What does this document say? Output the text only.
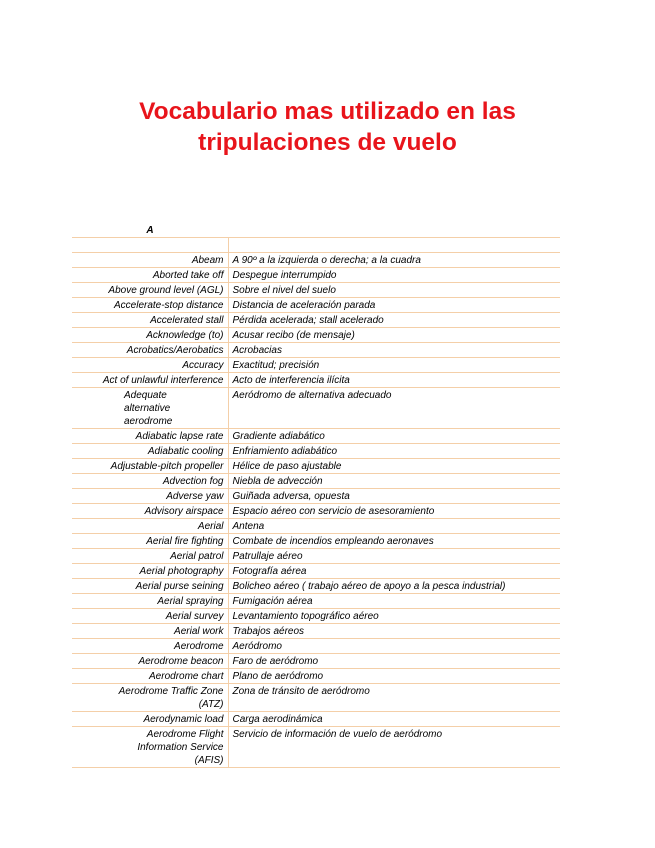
Vocabulario mas utilizado en las
tripulaciones de vuelo
A	

Abeam	A 90º a la izquierda o derecha; a la cuadra
Aborted take off	Despegue interrumpido
Above ground level (AGL)	Sobre el nivel del suelo
Accelerate-stop distance	Distancia de aceleración parada
Accelerated stall	Pérdida acelerada; stall acelerado
Acknowledge (to)	Acusar recibo (de mensaje)
Acrobatics/Aerobatics	Acrobacias
Accuracy	Exactitud; precisión
Act of unlawful interference	Acto de interferencia ilícita

Adequate
alternative
aerodrome	Aeródromo de alternativa adecuado
Adiabatic lapse rate	Gradiente adiabático
Adiabatic cooling	Enfriamiento adiabático
Adjustable-pitch propeller	Hélice de paso ajustable
Advection fog	Niebla de advección
Adverse yaw	Guiñada adversa, opuesta
Advisory airspace	Espacio aéreo con servicio de asesoramiento
Aerial	Antena
Aerial fire fighting	Combate de incendios empleando aeronaves
Aerial patrol	Patrullaje aéreo
Aerial photography	Fotografía aérea
Aerial purse seining	Bolicheo aéreo ( trabajo aéreo de apoyo a la pesca industrial)
Aerial spraying	Fumigación aérea
Aerial survey	Levantamiento topográfico aéreo
Aerial work	Trabajos aéreos
Aerodrome	Aeródromo
Aerodrome beacon	Faro de aeródromo
Aerodrome chart	Plano de aeródromo

Aerodrome Traffic Zone
(ATZ)	Zona de tránsito de aeródromo
Aerodynamic load	Carga aerodinámica

Aerodrome Flight
Information Service
(AFIS)	Servicio de información de vuelo de aeródromo
